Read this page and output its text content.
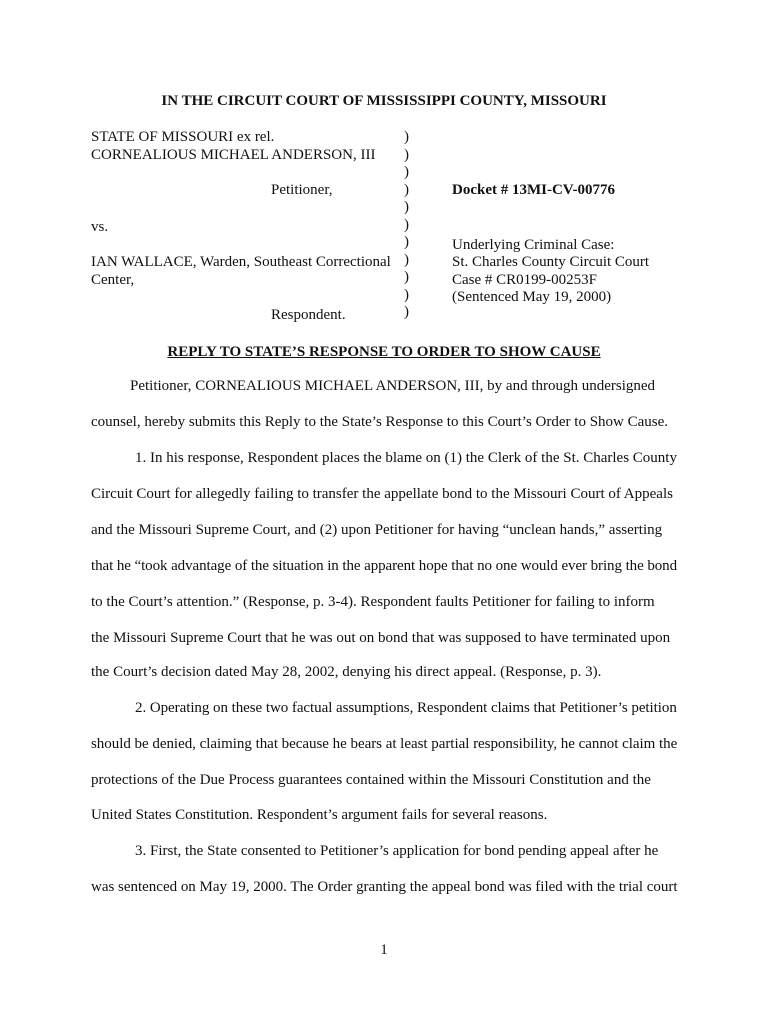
IN THE CIRCUIT COURT OF MISSISSIPPI COUNTY, MISSOURI
STATE OF MISSOURI ex rel.
CORNEALIOUS MICHAEL ANDERSON, III
Petitioner,
vs.
IAN WALLACE, Warden, Southeast Correctional
Center,
Respondent.
)
)
)
)
)
)
)
)
)
)
)
Docket # 13MI-CV-00776
Underlying Criminal Case:
St. Charles County Circuit Court
Case # CR0199-00253F
(Sentenced May 19, 2000)
REPLY TO STATE’S RESPONSE TO ORDER TO SHOW CAUSE
Petitioner, CORNEALIOUS MICHAEL ANDERSON, III, by and through undersigned
counsel, hereby submits this Reply to the State’s Response to this Court’s Order to Show Cause.
1. In his response, Respondent places the blame on (1) the Clerk of the St. Charles County
Circuit Court for allegedly failing to transfer the appellate bond to the Missouri Court of Appeals
and the Missouri Supreme Court, and (2) upon Petitioner for having “unclean hands,” asserting
that he “took advantage of the situation in the apparent hope that no one would ever bring the bond
to the Court’s attention.” (Response, p. 3-4). Respondent faults Petitioner for failing to inform
the Missouri Supreme Court that he was out on bond that was supposed to have terminated upon
the Court’s decision dated May 28, 2002, denying his direct appeal. (Response, p. 3).
2. Operating on these two factual assumptions, Respondent claims that Petitioner’s petition
should be denied, claiming that because he bears at least partial responsibility, he cannot claim the
protections of the Due Process guarantees contained within the Missouri Constitution and the
United States Constitution. Respondent’s argument fails for several reasons.
3. First, the State consented to Petitioner’s application for bond pending appeal after he
was sentenced on May 19, 2000. The Order granting the appeal bond was filed with the trial court
1
